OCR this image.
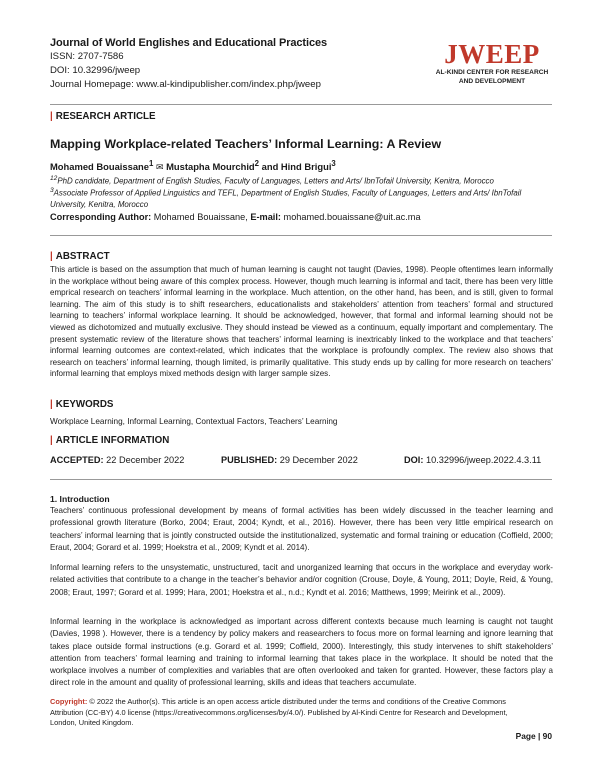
Journal of World Englishes and Educational Practices
ISSN: 2707-7586
DOI: 10.32996/jweep
Journal Homepage: www.al-kindipublisher.com/index.php/jweep
JWEEP
AL-KINDI CENTER FOR RESEARCH
AND DEVELOPMENT
| RESEARCH ARTICLE
Mapping Workplace-related Teachers’ Informal Learning: A Review
Mohamed Bouaissane$^1$ ✉ Mustapha Mourchid$^2$ and Hind Brigui$^3$
$^{12}$PhD candidate, Department of English Studies, Faculty of Languages, Letters and Arts/ IbnTofail University, Kenitra, Morocco
$^3$Associate Professor of Applied Linguistics and TEFL, Department of English Studies, Faculty of Languages, Letters and Arts/ IbnTofail University, Kenitra, Morocco
Corresponding Author: Mohamed Bouaissane, E-mail: mohamed.bouaissane@uit.ac.ma
| ABSTRACT
This article is based on the assumption that much of human learning is caught not taught (Davies, 1998). People oftentimes learn informally in the workplace without being aware of this complex process. However, though much learning is informal and tacit, there has been very little emprical research on teachers’ informal learning in the workplace. Much attention, on the other hand, has been, and is still, given to formal learning. The aim of this study is to shift researchers, educationalists and stakeholders’ attention from teachers’ formal and structured learning to teachers’ informal workplace learning. It should be acknowledged, however, that formal and informal learning should not be viewed as dichotomized and mutually exclusive. They should instead be viewed as a continuum, equally important and complementary. The present systematic review of the literature shows that teachers’ informal learning is inextricably linked to the workplace and that teachers’ informal learning outcomes are context-related, which indicates that the workplace is profoundly complex. The review also shows that research on teachers’ informal learning, though limited, is primarily qualitative. This study ends up by calling for more research on teachers’ informal learning that employs mixed methods design with larger sample sizes.
| KEYWORDS
Workplace Learning, Informal Learning, Contextual Factors, Teachers’ Learning
| ARTICLE INFORMATION
ACCEPTED: 22 December 2022	PUBLISHED: 29 December 2022	DOI: 10.32996/jweep.2022.4.3.11
1. Introduction
Teachers’ continuous professional development by means of formal activities has been widely discussed in the teacher learning and professional growth literature (Borko, 2004; Eraut, 2004; Kyndt, et al., 2016). However, there has been very little empirical research on teachers’ informal learning that is jointly constructed outside the institutionalized, systematic and formal training or education (Coffield, 2000; Eraut, 2004; Gorard et al. 1999; Hoekstra et al., 2009; Kyndt et al. 2014).
Informal learning refers to the unsystematic, unstructured, tacit and unorganized learning that occurs in the workplace and everyday work-related activities that contribute to a change in the teacher’s behavior and/or cognition (Crouse, Doyle, & Young, 2011; Doyle, Reid, & Young, 2008; Eraut, 1997; Gorard et al. 1999; Hara, 2001; Hoekstra et al., n.d.; Kyndt et al. 2016; Matthews, 1999; Meirink et al., 2009).
Informal learning in the workplace is acknowledged as important across different contexts because much learning is caught not taught (Davies, 1998 ). However, there is a tendency by policy makers and reasearchers to focus more on formal learning and ignore learning that takes place outside formal instructions (e.g. Gorard et al. 1999; Coffield, 2000). Interestingly, this study intervenes to shift stakeholders’ attention from teachers’ formal learning and training to informal learning that takes place in the workplace. It should be noted that the workplace involves a number of complexities and variables that are often overlooked and taken for granted. However, these factors play a direct role in the amount and quality of professional learning, skills and ideas that teachers accumulate.
Copyright: © 2022 the Author(s). This article is an open access article distributed under the terms and conditions of the Creative Commons Attribution (CC-BY) 4.0 license (https://creativecommons.org/licenses/by/4.0/). Published by Al-Kindi Centre for Research and Development, London, United Kingdom.
Page | 90
